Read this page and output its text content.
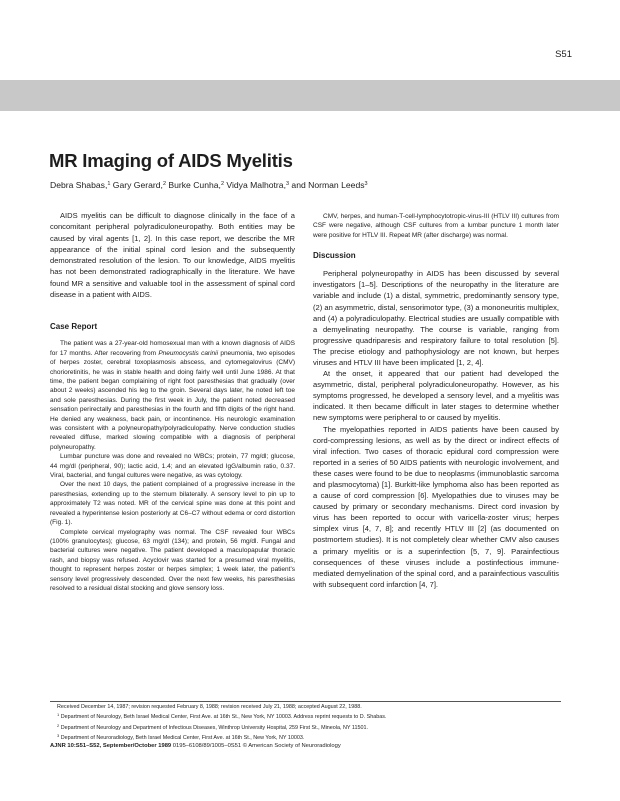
S51
MR Imaging of AIDS Myelitis
Debra Shabas,$^1$ Gary Gerard,$^2$ Burke Cunha,$^2$ Vidya Malhotra,$^3$ and Norman Leeds$^3$

AIDS myelitis can be difficult to diagnose clinically in the face of a concomitant peripheral polyradiculoneuropathy. Both entities may be caused by viral agents [1, 2]. In this case report, we describe the MR appearance of the initial spinal cord lesion and the subsequently demonstrated resolution of the lesion. To our knowledge, AIDS myelitis has not been demonstrated radiographically in the literature. We have found MR a sensitive and valuable tool in the assessment of spinal cord disease in a patient with AIDS.

Case Report

The patient was a 27-year-old homosexual man with a known diagnosis of AIDS for 17 months. After recovering from Pneumocystis carinii pneumonia, two episodes of herpes zoster, cerebral toxoplasmosis abscess, and cytomegalovirus (CMV) chorioretinitis, he was in stable health and doing fairly well until June 1986. At that time, the patient began complaining of right foot paresthesias that gradually (over about 2 weeks) ascended his leg to the groin. Several days later, he noted left toe and sole paresthesias. During the first week in July, the patient noted decreased sensation perirectally and paresthesias in the fourth and fifth digits of the right hand. He denied any weakness, back pain, or incontinence. His neurologic examination was consistent with a polyneuropathy/polyradiculopathy. Nerve conduction studies revealed diffuse, marked slowing compatible with a diagnosis of peripheral polyneuropathy.

Lumbar puncture was done and revealed no WBCs; protein, 77 mg/dl; glucose, 44 mg/dl (peripheral, 90); lactic acid, 1.4; and an elevated IgG/albumin ratio, 0.37. Viral, bacterial, and fungal cultures were negative, as was cytology.

Over the next 10 days, the patient complained of a progressive increase in the paresthesias, extending up to the sternum bilaterally. A sensory level to pin up to approximately T2 was noted. MR of the cervical spine was done at this point and revealed a hyperintense lesion posteriorly at C6–C7 without edema or cord distortion (Fig. 1).

Complete cervical myelography was normal. The CSF revealed four WBCs (100% granulocytes); glucose, 63 mg/dl (134); and protein, 56 mg/dl. Fungal and bacterial cultures were negative. The patient developed a maculopapular thoracic rash, and biopsy was refused. Acyclovir was started for a presumed viral myelitis, thought to represent herpes zoster or herpes simplex; 1 week later, the patient’s sensory level progressively descended. Over the next few weeks, his paresthesias resolved to a residual distal stocking and glove sensory loss.

CMV, herpes, and human-T-cell-lymphocytotropic-virus-III (HTLV III) cultures from CSF were negative, although CSF cultures from a lumbar puncture 1 month later were positive for HTLV III. Repeat MR (after discharge) was normal.

Discussion

Peripheral polyneuropathy in AIDS has been discussed by several investigators [1–5]. Descriptions of the neuropathy in the literature are variable and include (1) a distal, symmetric, predominantly sensory type, (2) an asymmetric, distal, sensorimotor type, (3) a mononeuritis multiplex, and (4) a polyradiculopathy. Electrical studies are usually compatible with a demyelinating neuropathy. The course is variable, ranging from progressive quadriparesis and respiratory failure to total resolution [5]. The precise etiology and pathophysiology are not known, but herpes viruses and HTLV III have been implicated [1, 2, 4].

At the onset, it appeared that our patient had developed the asymmetric, distal, peripheral polyradiculoneuropathy. However, as his symptoms progressed, he developed a sensory level, and a myelitis was indicated. It then became difficult in later stages to determine whether new symptoms were peripheral to or caused by myelitis.

The myelopathies reported in AIDS patients have been caused by cord-compressing lesions, as well as by the direct or indirect effects of viral infection. Two cases of thoracic epidural cord compression were reported in a series of 50 AIDS patients with neurologic involvement, and these cases were found to be due to neoplasms (immunoblastic sarcoma and plasmocytoma) [1]. Burkitt-like lymphoma also has been reported as a cause of cord compression [6]. Myelopathies due to viruses may be caused by primary or secondary mechanisms. Direct cord invasion by virus has been reported to occur with varicella-zoster virus; herpes simplex virus [4, 7, 8]; and recently HTLV III [2] (as documented on postmortem studies). It is not completely clear whether CMV also causes a primary myelitis or is a superinfection [5, 7, 9]. Parainfectious consequences of these viruses include a postinfectious immune-mediated demyelination of the spinal cord, and a parainfectious vasculitis with subsequent cord infarction [4, 7].

Received December 14, 1987; revision requested February 8, 1988; revision received July 21, 1988; accepted August 22, 1988.
$^1$ Department of Neurology, Beth Israel Medical Center, First Ave. at 16th St., New York, NY 10003. Address reprint requests to D. Shabas.
$^2$ Department of Neurology and Department of Infectious Diseases, Winthrop University Hospital, 259 First St., Mineola, NY 11501.
$^3$ Department of Neuroradiology, Beth Israel Medical Center, First Ave. at 16th St., New York, NY 10003.
AJNR 10:S51–S52, September/October 1989 0195–6108/89/1005–0S51 © American Society of Neuroradiology
